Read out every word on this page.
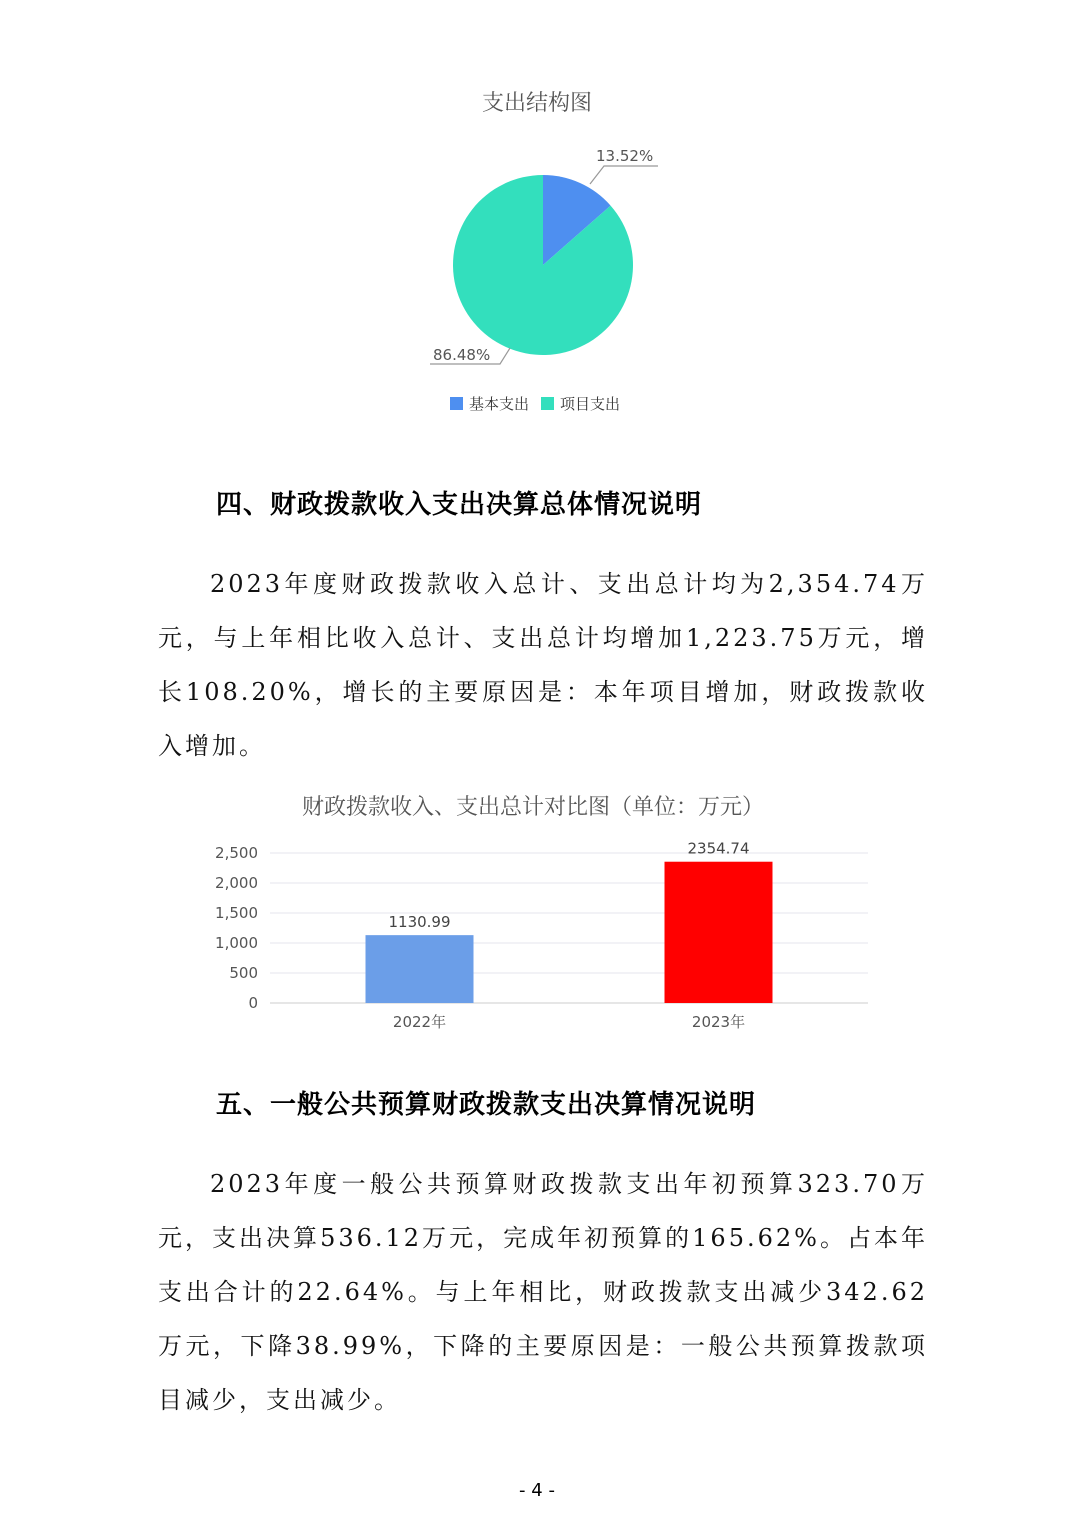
支出结构图
13.52%
86.48%
基本支出 项目支出
四、财政拨款收入支出决算总体情况说明
2023年度财政拨款收入总计、支出总计均为2,354.74万元，与上年相比收入总计、支出总计均增加1,223.75万元，增长108.20%，增长的主要原因是：本年项目增加，财政拨款收入增加。
财政拨款收入、支出总计对比图（单位：万元）
0
500
1,000
1,500
2,000
2,500
2022年	2023年
1130.99
2354.74
五、一般公共预算财政拨款支出决算情况说明
2023年度一般公共预算财政拨款支出年初预算323.70万元，支出决算536.12万元，完成年初预算的165.62%。占本年支出合计的22.64%。与上年相比，财政拨款支出减少342.62万元，下降38.99%，下降的主要原因是：一般公共预算拨款项目减少，支出减少。
- 4 -
